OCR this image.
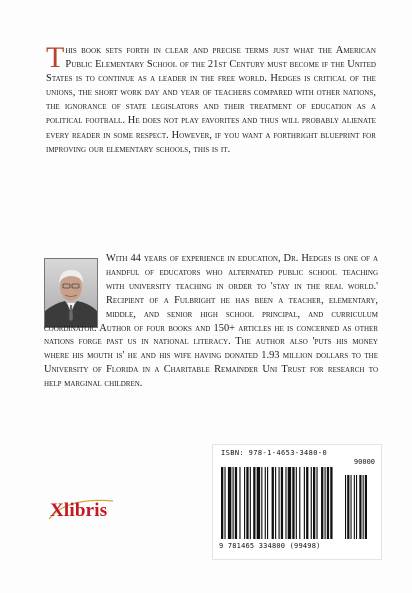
This book sets forth in clear and precise terms just what the American Public Elementary School of the 21st Century must become if the United States is to continue as a leader in the free world. Hedges is critical of the unions, the short work day and year of teachers compared with other nations, the ignorance of state legislators and their treatment of education as a political football. He does not play favorites and thus will probably alienate every reader in some respect. However, if you want a forthright blueprint for improving our elementary schools, this is it.
With 44 years of experience in education, Dr. Hedges is one of a handful of educators who alternated public school teaching with university teaching in order to 'stay in the real world.' Recipient of a Fulbright he has been a teacher, elementary, middle, and senior high school principal, and curriculum coordinator. Author of four books and 150+ articles he is concerned as other nations forge past us in national literacy. The author also 'puts his money where his mouth is' he and his wife having donated 1.93 million dollars to the University of Florida in a Charitable Remainder Uni Trust for research to help marginal children.
Xlibris
ISBN: 978-1-4653-3480-0
90000
9 781465 334800 (99498)
